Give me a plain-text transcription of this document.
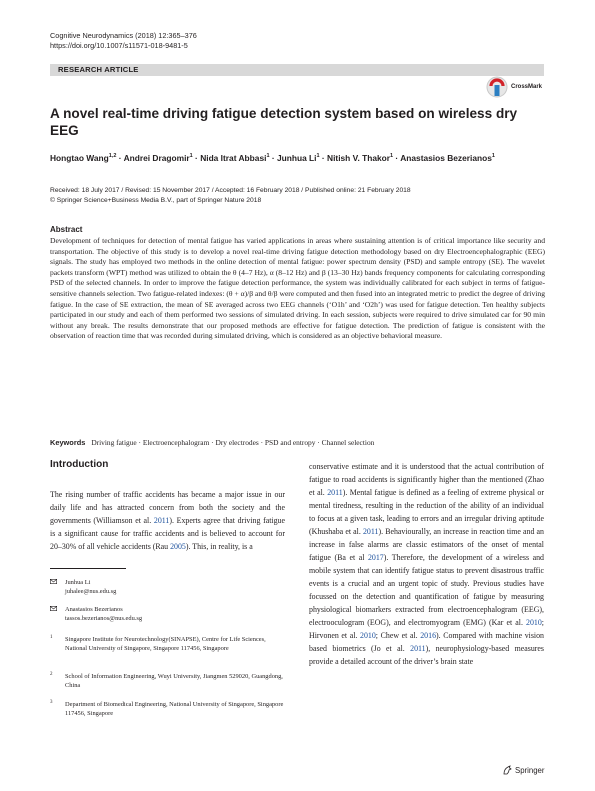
Cognitive Neurodynamics (2018) 12:365–376
https://doi.org/10.1007/s11571-018-9481-5
RESEARCH ARTICLE
CrossMark
A novel real-time driving fatigue detection system based on wireless dry EEG
Hongtao Wang$^{1,2}$ · Andrei Dragomir$^1$ · Nida Itrat Abbasi$^1$ · Junhua $Li^1$ · Nitish V. Thakor$^1$ · Anastasios Bezerianos$^1$
Received: 18 July 2017 / Revised: 15 November 2017 / Accepted: 16 February 2018 / Published online: 21 February 2018
© Springer Science+Business Media B.V., part of Springer Nature 2018
Abstract
Development of techniques for detection of mental fatigue has varied applications in areas where sustaining attention is of critical importance like security and transportation. The objective of this study is to develop a novel real-time driving fatigue detection methodology based on dry Electroencephalographic (EEG) signals. The study has employed two methods in the online detection of mental fatigue: power spectrum density (PSD) and sample entropy (SE). The wavelet packets transform (WPT) method was utilized to obtain the θ (4–7 Hz), α (8–12 Hz) and β (13–30 Hz) bands frequency components for calculating corresponding PSD of the selected channels. In order to improve the fatigue detection performance, the system was individually calibrated for each subject in terms of fatigue-sensitive channels selection. Two fatigue-related indexes: (θ + α)/β and θ/β were computed and then fused into an integrated metric to predict the degree of driving fatigue. In the case of SE extraction, the mean of SE averaged across two EEG channels (‘O1h’ and ‘O2h’) was used for fatigue detection. Ten healthy subjects participated in our study and each of them performed two sessions of simulated driving. In each session, subjects were required to drive simulated car for 90 min without any break. The results demonstrate that our proposed methods are effective for fatigue detection. The prediction of fatigue is consistent with the observation of reaction time that was recorded during simulated driving, which is considered as an objective behavioral measure.
Keywords Driving fatigue · Electroencephalogram · Dry electrodes · PSD and entropy · Channel selection
Introduction
The rising number of traffic accidents has became a major issue in our daily life and has attracted concern from both the society and the governments (Williamson et al. 2011). Experts agree that driving fatigue is a significant cause for traffic accidents and is believed to account for 20–30% of all vehicle accidents (Rau 2005). This, in reality, is a
conservative estimate and it is understood that the actual contribution of fatigue to road accidents is significantly higher than the mentioned (Zhao et al. 2011). Mental fatigue is defined as a feeling of extreme physical or mental tiredness, resulting in the reduction of the ability of an individual to focus at a given task, leading to errors and an irregular driving aptitude (Khushaba et al. 2011). Behaviourally, an increase in reaction time and an increase in false alarms are classic estimators of the onset of mental fatigue (Ba et al 2017). Therefore, the development of a wireless and mobile system that can identify fatigue status to prevent disastrous traffic events is a crucial and an urgent topic of study. Previous studies have focussed on the detection and quantification of fatigue by measuring physiological biomarkers extracted from electroencephalogram (EEG), electrooculogram (EOG), and electromyogram (EMG) (Kar et al. 2010; Hirvonen et al. 2010; Chew et al. 2016). Compared with machine vision based biometrics (Jo et al. 2011), neurophysiology-based measures provide a detailed account of the driver’s brain state
Junhua Li
juhalee@nus.edu.sg
Anastasios Bezerianos
tassos.bezerianos@nus.edu.sg
1 Singapore Institute for Neurotechnology(SINAPSE), Centre for Life Sciences, National University of Singapore, Singapore 117456, Singapore
2 School of Information Engineering, Wuyi University, Jiangmen 529020, Guangdong, China
3 Department of Biomedical Engineering, National University of Singapore, Singapore 117456, Singapore
Springer
